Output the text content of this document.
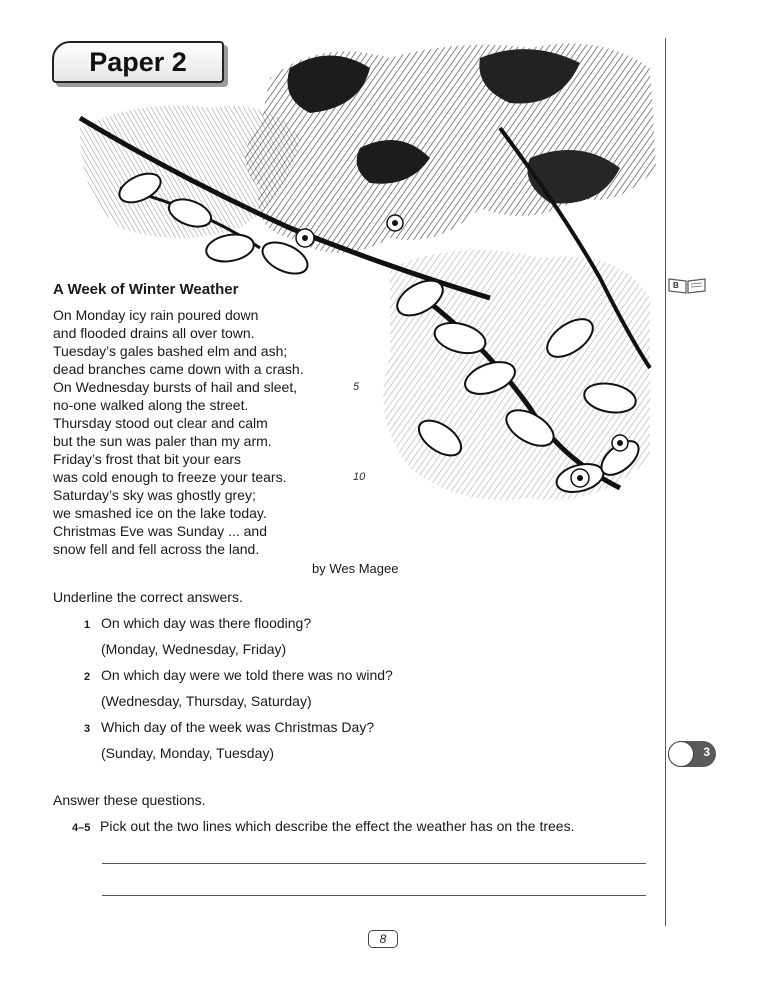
Paper 2
A Week of Winter Weather
On Monday icy rain poured down
and flooded drains all over town.
Tuesday’s gales bashed elm and ash;
dead branches came down with a crash.
On Wednesday bursts of hail and sleet,	5
no-one walked along the street.
Thursday stood out clear and calm
but the sun was paler than my arm.
Friday’s frost that bit your ears
was cold enough to freeze your tears.	10
Saturday’s sky was ghostly grey;
we smashed ice on the lake today.
Christmas Eve was Sunday ... and
snow fell and fell across the land.
by Wes Magee
Underline the correct answers.
1 On which day was there flooding?
(Monday, Wednesday, Friday)
2 On which day were we told there was no wind?
(Wednesday, Thursday, Saturday)
3 Which day of the week was Christmas Day?
(Sunday, Monday, Tuesday)
Answer these questions.
4–5 Pick out the two lines which describe the effect the weather has on the trees.
B
3
8
